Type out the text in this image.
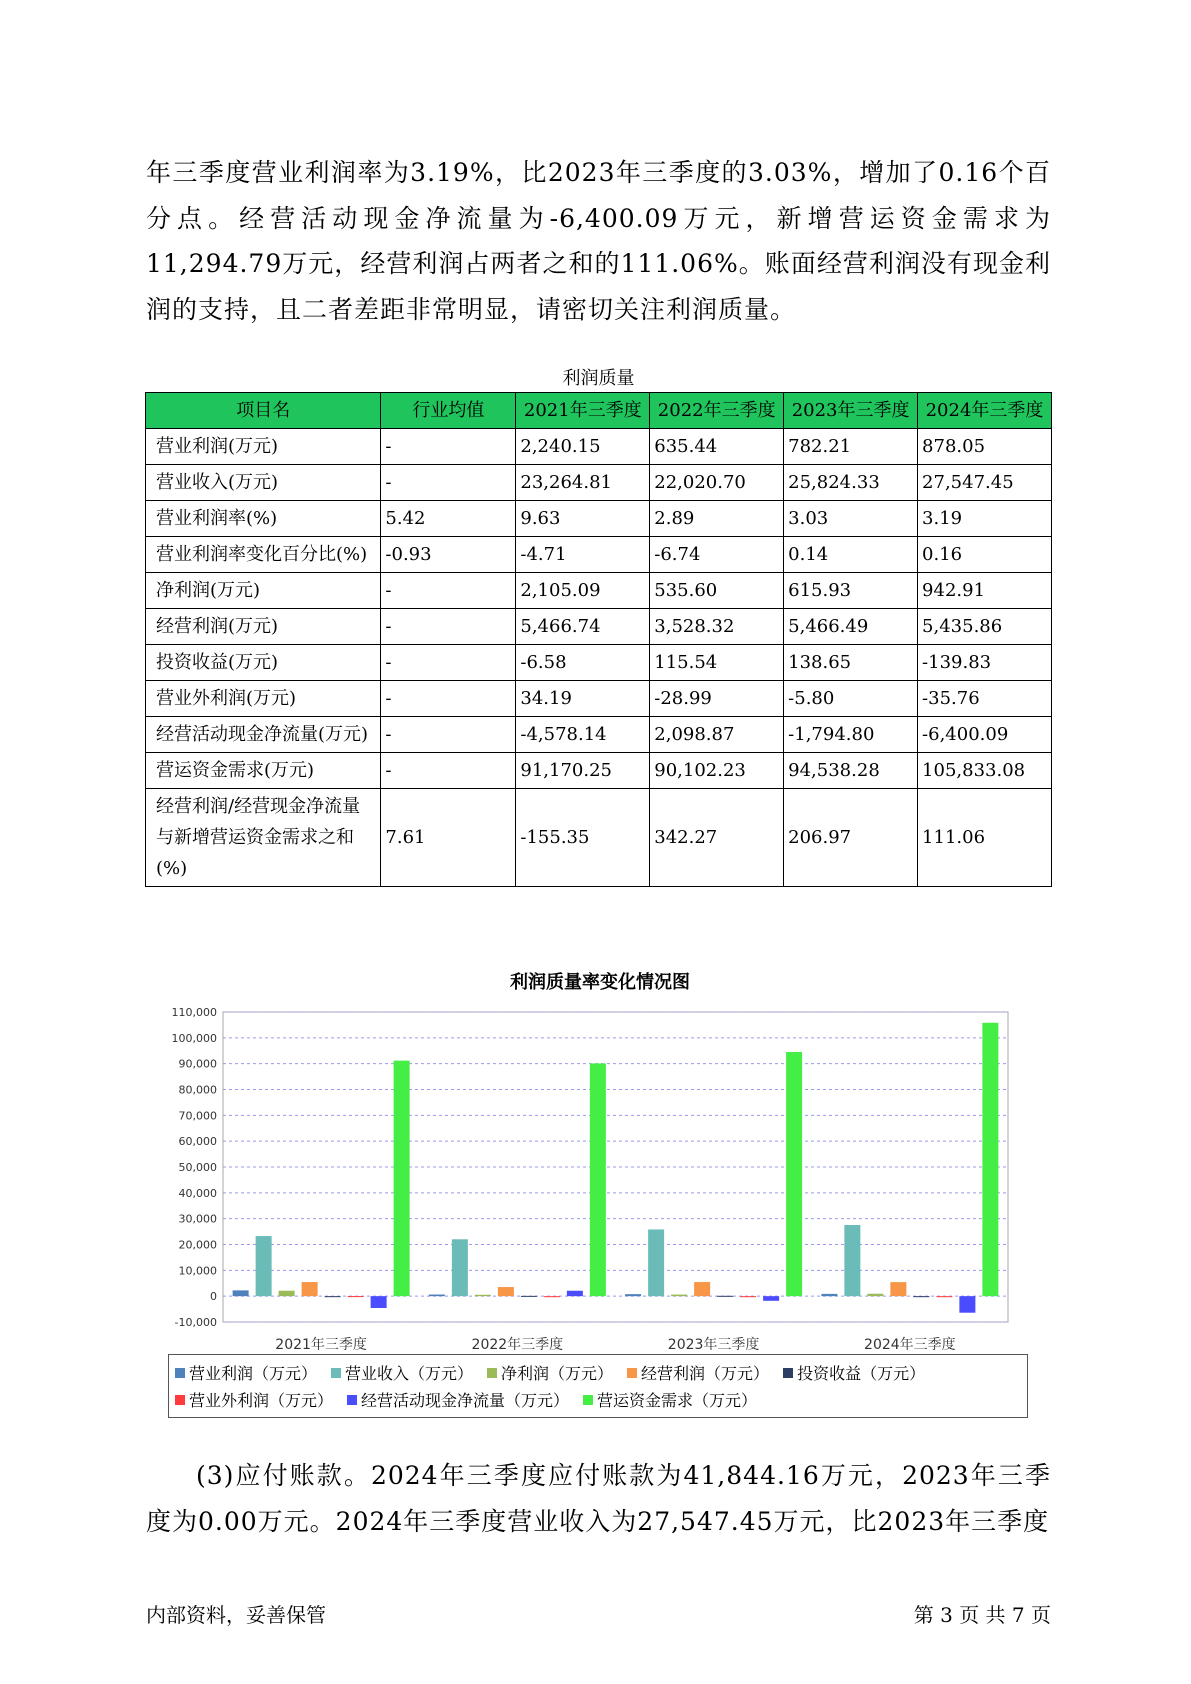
年三季度营业利润率为3.19%，比2023年三季度的3.03%，增加了0.16个百分点。经营活动现金净流量为-6,400.09万元，新增营运资金需求为11,294.79万元，经营利润占两者之和的111.06%。账面经营利润没有现金利润的支持，且二者差距非常明显，请密切关注利润质量。

利润质量
项目名	行业均值	2021年三季度	2022年三季度	2023年三季度	2024年三季度
营业利润(万元)	-	2,240.15	635.44	782.21	878.05
营业收入(万元)	-	23,264.81	22,020.70	25,824.33	27,547.45
营业利润率(%)	5.42	9.63	2.89	3.03	3.19
营业利润率变化百分比(%)	-0.93	-4.71	-6.74	0.14	0.16
净利润(万元)	-	2,105.09	535.60	615.93	942.91
经营利润(万元)	-	5,466.74	3,528.32	5,466.49	5,435.86
投资收益(万元)	-	-6.58	115.54	138.65	-139.83
营业外利润(万元)	-	34.19	-28.99	-5.80	-35.76
经营活动现金净流量(万元)	-	-4,578.14	2,098.87	-1,794.80	-6,400.09
营运资金需求(万元)	-	91,170.25	90,102.23	94,538.28	105,833.08
经营利润/经营现金净流量与新增营运资金需求之和(%)	7.61	-155.35	342.27	206.97	111.06
利润质量率变化情况图
-10,000
0
10,000
20,000
30,000
40,000
50,000
60,000
70,000
80,000
90,000
100,000
110,000
2021年三季度	2022年三季度	2023年三季度	2024年三季度
营业利润（万元） 营业收入（万元） 净利润（万元） 经营利润（万元） 投资收益（万元）
营业外利润（万元） 经营活动现金净流量（万元） 营运资金需求（万元）

(3)应付账款。2024年三季度应付账款为41,844.16万元，2023年三季度为0.00万元。2024年三季度营业收入为27,547.45万元，比2023年三季度

内部资料，妥善保管	第 3 页 共 7 页
